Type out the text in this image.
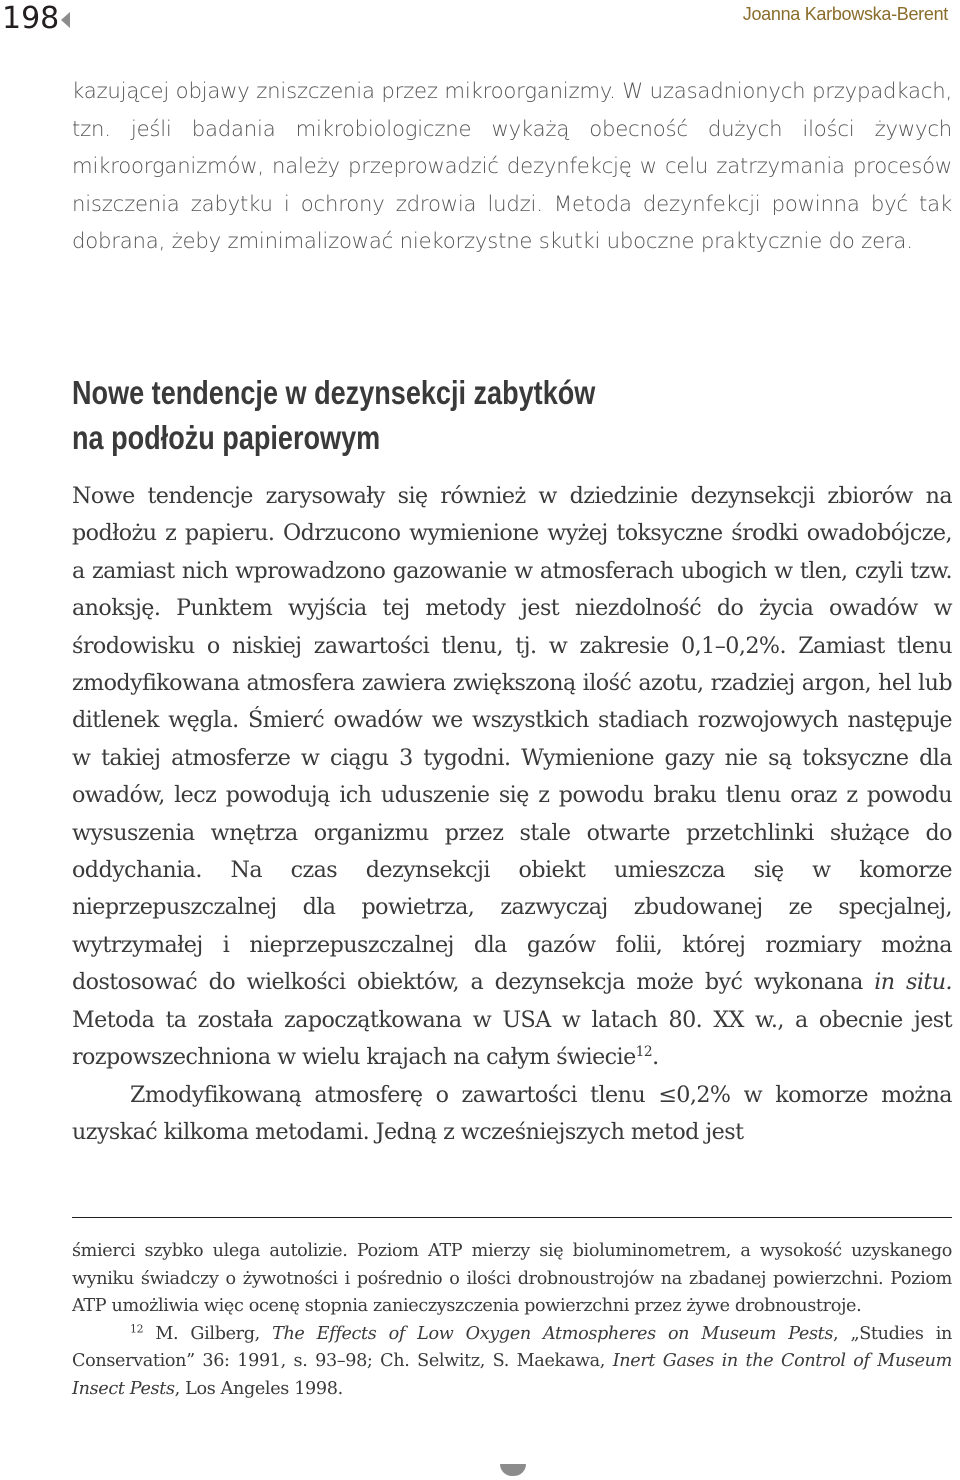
198	Joanna Karbowska-Berent

kazującej objawy zniszczenia przez mikroorganizmy. W uzasadnionych przypadkach, tzn. jeśli badania mikrobiologiczne wykażą obecność dużych ilości żywych mikroorganizmów, należy przeprowadzić dezynfekcję w celu zatrzymania procesów niszczenia zabytku i ochrony zdrowia ludzi. Metoda dezynfekcji powinna być tak dobrana, żeby zminimalizować niekorzystne skutki uboczne praktycznie do zera.

Nowe tendencje w dezynsekcji zabytków
na podłożu papierowym

Nowe tendencje zarysowały się również w dziedzinie dezynsekcji zbiorów na podłożu z papieru. Odrzucono wymienione wyżej toksyczne środki owadobójcze, a zamiast nich wprowadzono gazowanie w atmosferach ubogich w tlen, czyli tzw. anoksję. Punktem wyjścia tej metody jest niezdolność do życia owadów w środowisku o niskiej zawartości tlenu, tj. w zakresie 0,1–0,2%. Zamiast tlenu zmodyfikowana atmosfera zawiera zwiększoną ilość azotu, rzadziej argon, hel lub ditlenek węgla. Śmierć owadów we wszystkich stadiach rozwojowych następuje w takiej atmosferze w ciągu 3 tygodni. Wymienione gazy nie są toksyczne dla owadów, lecz powodują ich uduszenie się z powodu braku tlenu oraz z powodu wysuszenia wnętrza organizmu przez stale otwarte przetchlinki służące do oddychania. Na czas dezynsekcji obiekt umieszcza się w komorze nieprzepuszczalnej dla powietrza, zazwyczaj zbudowanej ze specjalnej, wytrzymałej i nieprzepuszczalnej dla gazów folii, której rozmiary można dostosować do wielkości obiektów, a dezynsekcja może być wykonana in situ. Metoda ta została zapoczątkowana w USA w latach 80. XX w., a obecnie jest rozpowszechniona w wielu krajach na całym świecie$^{12}$.

Zmodyfikowaną atmosferę o zawartości tlenu ≤0,2% w komorze można uzyskać kilkoma metodami. Jedną z wcześniejszych metod jest

śmierci szybko ulega autolizie. Poziom ATP mierzy się bioluminometrem, a wysokość uzyskanego wyniku świadczy o żywotności i pośrednio o ilości drobnoustrojów na zbadanej powierzchni. Poziom ATP umożliwia więc ocenę stopnia zanieczyszczenia powierzchni przez żywe drobnoustroje.

$^{12}$ M. Gilberg, The Effects of Low Oxygen Atmospheres on Museum Pests, „Studies in Conservation” 36: 1991, s. 93–98; Ch. Selwitz, S. Maekawa, Inert Gases in the Control of Museum Insect Pests, Los Angeles 1998.
